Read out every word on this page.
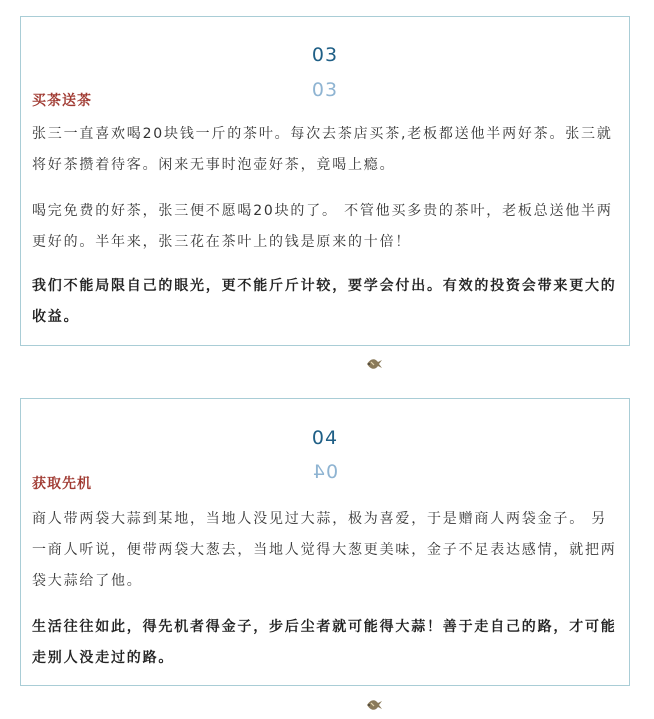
03
03
买茶送茶

张三一直喜欢喝20块钱一斤的茶叶。每次去茶店买茶,老板都送他半两好茶。张三就将好茶攒着待客。闲来无事时泡壶好茶，竟喝上瘾。

喝完免费的好茶，张三便不愿喝20块的了。 不管他买多贵的茶叶，老板总送他半两更好的。半年来，张三花在茶叶上的钱是原来的十倍！

我们不能局限自己的眼光，更不能斤斤计较，要学会付出。有效的投资会带来更大的收益。

04
04
获取先机

商人带两袋大蒜到某地，当地人没见过大蒜，极为喜爱，于是赠商人两袋金子。 另一商人听说，便带两袋大葱去，当地人觉得大葱更美味，金子不足表达感情，就把两袋大蒜给了他。

生活往往如此，得先机者得金子，步后尘者就可能得大蒜！善于走自己的路，才可能走别人没走过的路。
